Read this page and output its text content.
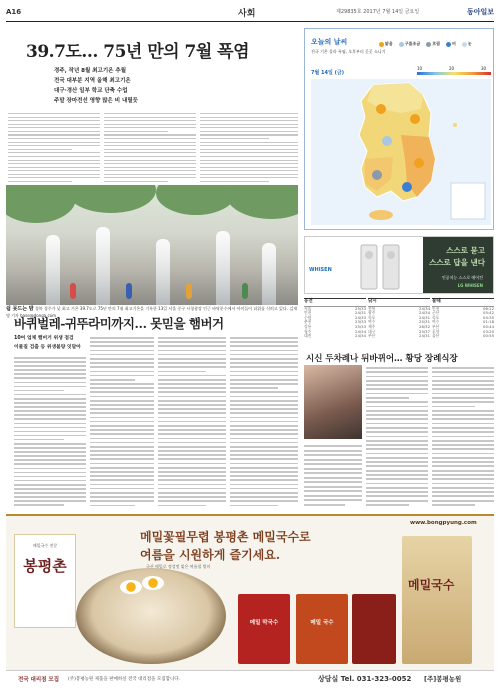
A16	사회	제29835호 2017년 7월 14일 금요일	동아일보
39.7도… 75년 만의 7월 폭염
경주, 작년 8월 최고기온 추월
전국 대부분 지역 올해 최고기온
대구·경산 일부 학교 단축 수업
주말 장마전선 영향 많은 비 내릴듯
쉼 못드는 밤 경북 경주가 낮 최고 기온 39.7도로 75년 만의 7월 최고기온을 기록한 13일 서울 중구 시청광장 인근 바닥분수에서 아이들이 더위를 식히고 있다. 김재명 기자 base@donga.com
바퀴벌레-귀뚜라미까지… 못믿을 햄버거
10여 업체 햄버거 위생 점검
이물질 검출 등 위생불량 잇달아
오늘의 날씨
전국 기온 올라 폭염, 오후부터 곳곳 소나기
맑음	구름조금	흐림	비	눈
7월 14일 (금)
10	20	30
WHISEN
스스로 묻고
스스로 답을 낸다
인공지능 스스로 에어컨
LG WHISEN
동전
서울	25/33
인천	24/31
수원	24/33
춘천	23/33
강릉	25/33
청주	24/34
대전	24/34
낚시
전북	24/34
광주	24/34
목포	24/31
여수	25/31
제주	26/32
대구	25/37
부산	24/31
물때
인천	06:12
군산	05:42
목포	04:35
여수	01:18
부산	00:44
포항	03:20
울산	00:55
시신 두차례나 뒤바뀌어… 황당 장례식장
메밀국수 전문
봉평촌
메밀꽃필무렵 봉평촌 메밀국수로
여름을 시원하게 즐기세요.
국산 메밀로 정성껏 빚은 여름철 별미
www.bongpyung.com
메밀 막국수	메밀 국수
메밀국수
전국 대리점 모집 (주)봉평농원 제품을 판매하실 전국 대리점을 모집합니다.	상담실 Tel. 031-323-0052 [주]봉평농원
